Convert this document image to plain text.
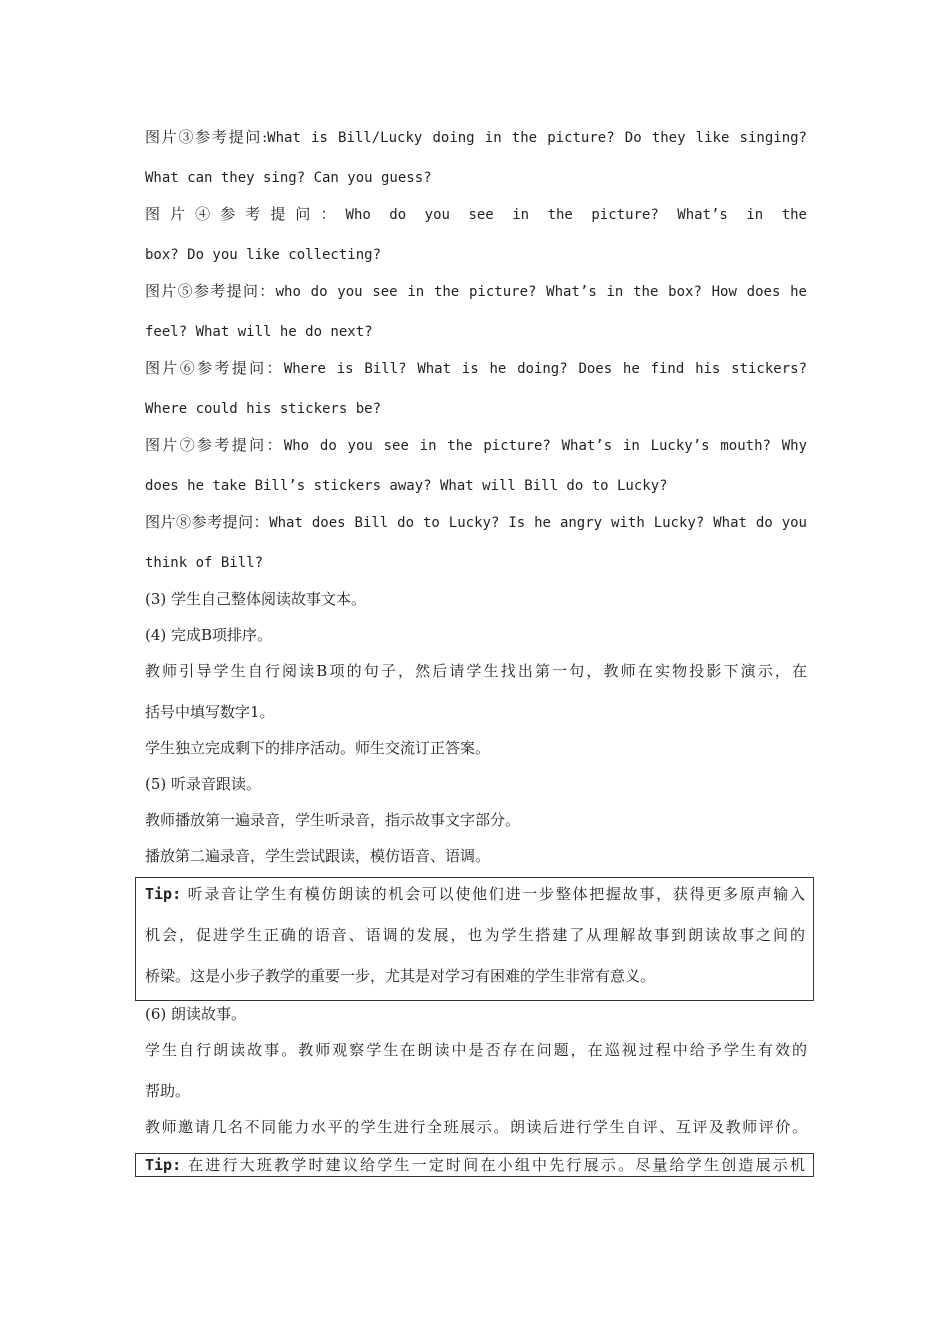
图片③参考提问:What is Bill/Lucky doing in the picture? Do they like singing?
What can they sing? Can you guess?
图片④参考提问：Who do you see in the picture? What’s in the
box? Do you like collecting?
图片⑤参考提问：who do you see in the picture? What’s in the box? How does he
feel? What will he do next?
图片⑥参考提问：Where is Bill? What is he doing? Does he find his stickers?
Where could his stickers be?
图片⑦参考提问：Who do you see in the picture? What’s in Lucky’s mouth? Why
does he take Bill’s stickers away? What will Bill do to Lucky?
图片⑧参考提问：What does Bill do to Lucky? Is he angry with Lucky? What do you
think of Bill?
(3) 学生自己整体阅读故事文本。
(4) 完成B项排序。
教师引导学生自行阅读B项的句子，然后请学生找出第一句，教师在实物投影下演示，在
括号中填写数字1。
学生独立完成剩下的排序活动。师生交流订正答案。
(5) 听录音跟读。
教师播放第一遍录音，学生听录音，指示故事文字部分。
播放第二遍录音，学生尝试跟读，模仿语音、语调。
Tip: 听录音让学生有模仿朗读的机会可以使他们进一步整体把握故事，获得更多原声输入
机会，促进学生正确的语音、语调的发展，也为学生搭建了从理解故事到朗读故事之间的
桥梁。这是小步子教学的重要一步，尤其是对学习有困难的学生非常有意义。
(6) 朗读故事。
学生自行朗读故事。教师观察学生在朗读中是否存在问题，在巡视过程中给予学生有效的
帮助。
教师邀请几名不同能力水平的学生进行全班展示。朗读后进行学生自评、互评及教师评价。
Tip: 在进行大班教学时建议给学生一定时间在小组中先行展示。尽量给学生创造展示机
